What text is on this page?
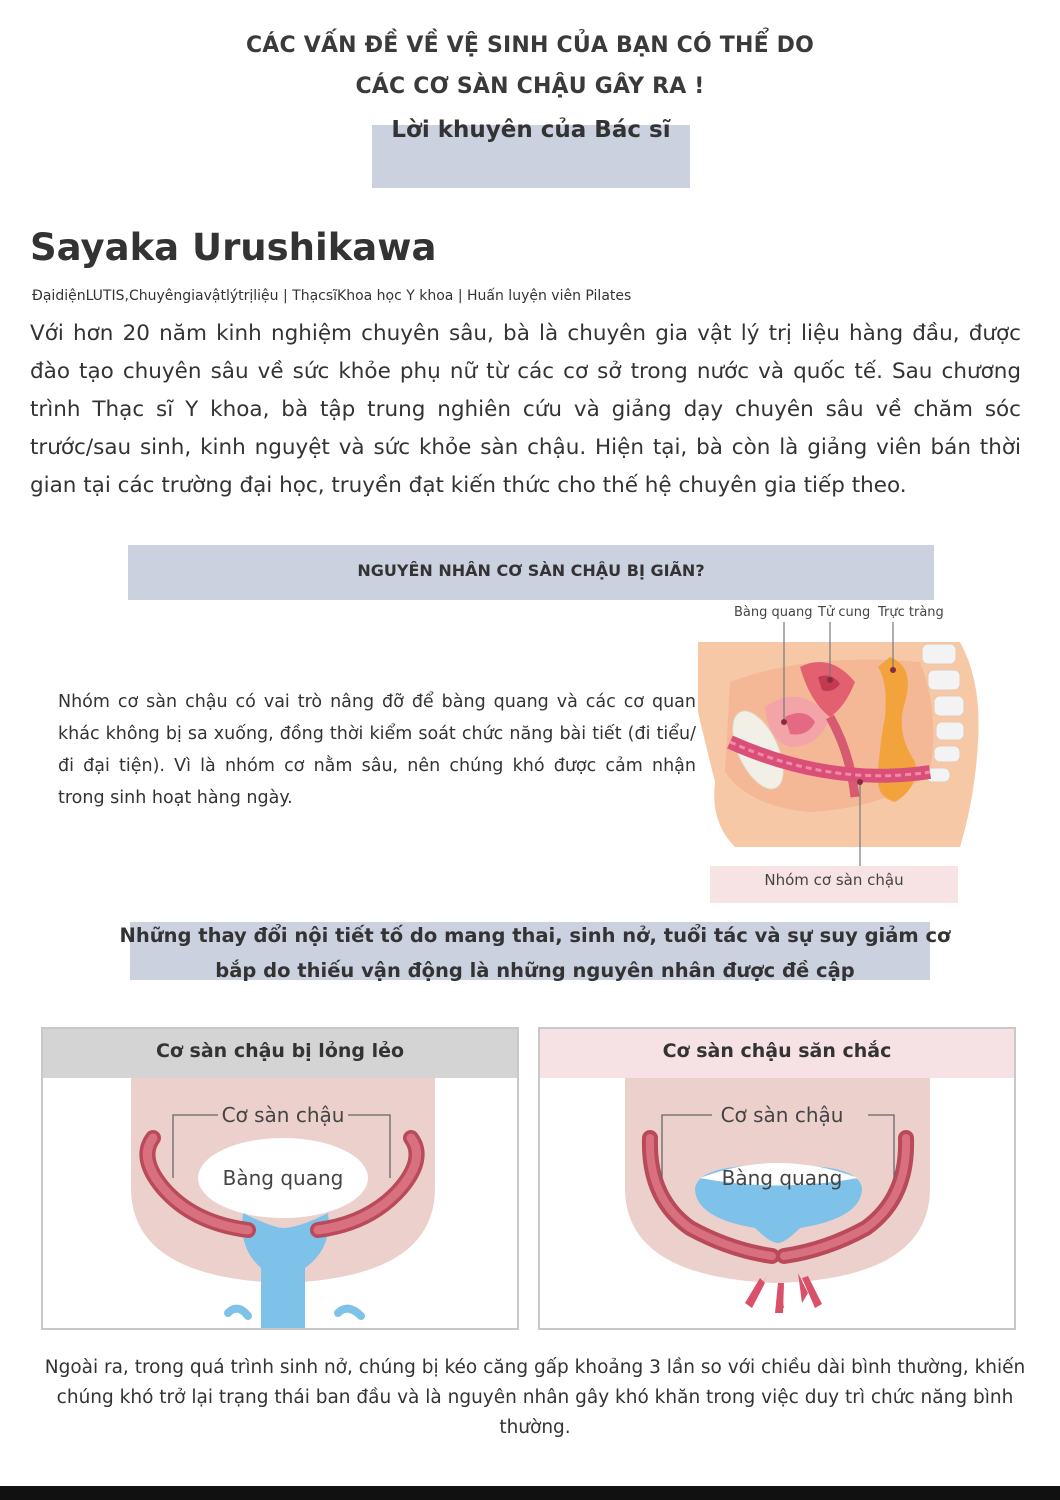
CÁC VẤN ĐỀ VỀ VỆ SINH CỦA BẠN CÓ THỂ DO
CÁC CƠ SÀN CHẬU GÂY RA !
Lời khuyên của Bác sĩ
Sayaka Urushikawa
ĐạidiệnLUTIS,Chuyêngiavậtlýtrịliệu | ThạcsĩKhoa học Y khoa | Huấn luyện viên Pilates
Với hơn 20 năm kinh nghiệm chuyên sâu, bà là chuyên gia vật lý trị liệu hàng đầu, được đào tạo chuyên sâu về sức khỏe phụ nữ từ các cơ sở trong nước và quốc tế. Sau chương trình Thạc sĩ Y khoa, bà tập trung nghiên cứu và giảng dạy chuyên sâu về chăm sóc trước/sau sinh, kinh nguyệt và sức khỏe sàn chậu. Hiện tại, bà còn là giảng viên bán thời gian tại các trường đại học, truyền đạt kiến thức cho thế hệ chuyên gia tiếp theo.
NGUYÊN NHÂN CƠ SÀN CHẬU BỊ GIÃN?
Nhóm cơ sàn chậu có vai trò nâng đỡ để bàng quang và các cơ quan khác không bị sa xuống, đồng thời kiểm soát chức năng bài tiết (đi tiểu/đi đại tiện). Vì là nhóm cơ nằm sâu, nên chúng khó được cảm nhận trong sinh hoạt hàng ngày.
Bàng quang Tử cung Trực tràng
Nhóm cơ sàn chậu
Những thay đổi nội tiết tố do mang thai, sinh nở, tuổi tác và sự suy giảm cơ bắp do thiếu vận động là những nguyên nhân được đề cập
Cơ sàn chậu bị lỏng lẻo
Cơ sàn chậu
Bàng quang
Cơ sàn chậu săn chắc
Cơ sàn chậu
Bàng quang
Ngoài ra, trong quá trình sinh nở, chúng bị kéo căng gấp khoảng 3 lần so với chiều dài bình thường, khiến chúng khó trở lại trạng thái ban đầu và là nguyên nhân gây khó khăn trong việc duy trì chức năng bình thường.
